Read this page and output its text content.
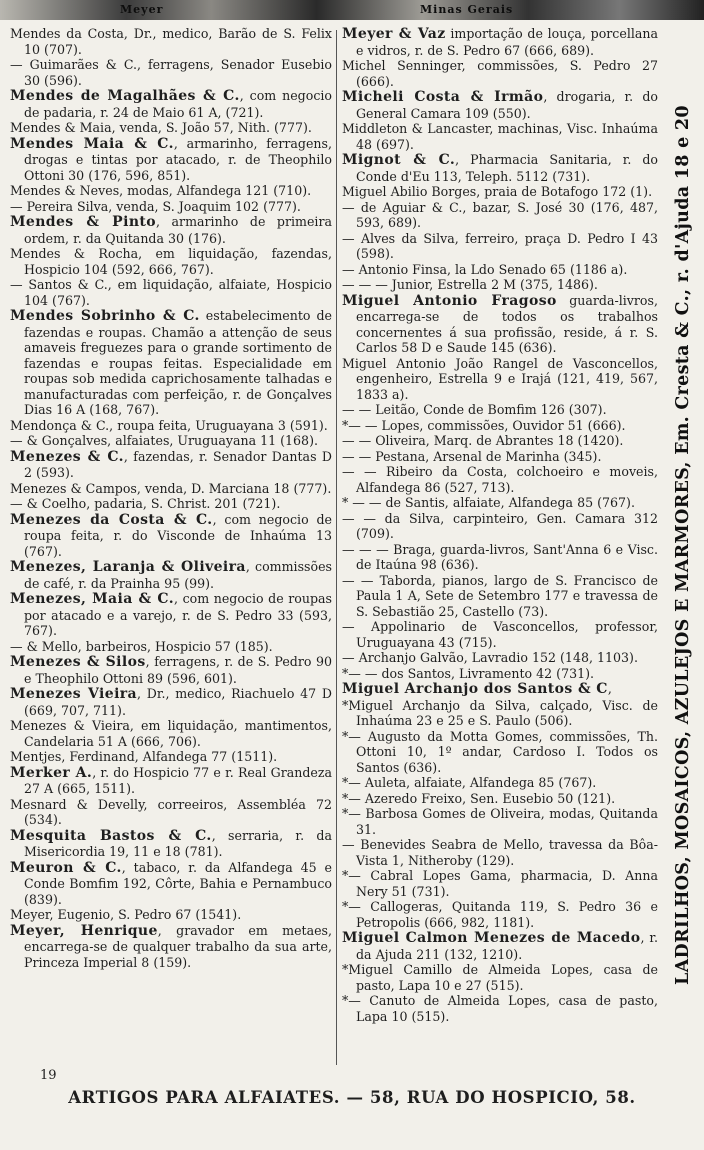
Meyer	Minas Gerais

Mendes da Costa, Dr., medico, Barão de S. Felix 10 (707).

— Guimarães & C., ferragens, Senador Eusebio 30 (596).

Mendes de Magalhães & C., com negocio de padaria, r. 24 de Maio 61 A, (721).

Mendes & Maia, venda, S. João 57, Nith. (777).

Mendes Maia & C., armarinho, ferragens, drogas e tintas por atacado, r. de Theophilo Ottoni 30 (176, 596, 851).

Mendes & Neves, modas, Alfandega 121 (710).

— Pereira Silva, venda, S. Joaquim 102 (777).

Mendes & Pinto, armarinho de primeira ordem, r. da Quitanda 30 (176).

Mendes & Rocha, em liquidação, fazendas, Hospicio 104 (592, 666, 767).

— Santos & C., em liquidação, alfaiate, Hospicio 104 (767).

Mendes Sobrinho & C. estabelecimento de fazendas e roupas. Chamão a attenção de seus amaveis freguezes para o grande sortimento de fazendas e roupas feitas. Especialidade em roupas sob medida caprichosamente talhadas e manufacturadas com perfeição, r. de Gonçalves Dias 16 A (168, 767).

Mendonça & C., roupa feita, Uruguayana 3 (591).

— & Gonçalves, alfaiates, Uruguayana 11 (168).

Menezes & C., fazendas, r. Senador Dantas D 2 (593).

Menezes & Campos, venda, D. Marciana 18 (777).

— & Coelho, padaria, S. Christ. 201 (721).

Menezes da Costa & C., com negocio de roupa feita, r. do Visconde de Inhaúma 13 (767).

Menezes, Laranja & Oliveira, commissões de café, r. da Prainha 95 (99).

Menezes, Maia & C., com negocio de roupas por atacado e a varejo, r. de S. Pedro 33 (593, 767).

— & Mello, barbeiros, Hospicio 57 (185).

Menezes & Silos, ferragens, r. de S. Pedro 90 e Theophilo Ottoni 89 (596, 601).

Menezes Vieira, Dr., medico, Riachuelo 47 D (669, 707, 711).

Menezes & Vieira, em liquidação, mantimentos, Candelaria 51 A (666, 706).

Mentjes, Ferdinand, Alfandega 77 (1511).

Merker A., r. do Hospicio 77 e r. Real Grandeza 27 A (665, 1511).

Mesnard & Develly, correeiros, Assembléa 72 (534).

Mesquita Bastos & C., serraria, r. da Misericordia 19, 11 e 18 (781).

Meuron & C., tabaco, r. da Alfandega 45 e Conde Bomfim 192, Côrte, Bahia e Pernambuco (839).

Meyer, Eugenio, S. Pedro 67 (1541).

Meyer, Henrique, gravador em metaes, encarrega-se de qualquer trabalho da sua arte, Princeza Imperial 8 (159).

Meyer & Vaz importação de louça, porcellana e vidros, r. de S. Pedro 67 (666, 689).

Michel Senninger, commissões, S. Pedro 27 (666).

Micheli Costa & Irmão, drogaria, r. do General Camara 109 (550).

Middleton & Lancaster, machinas, Visc. Inhaúma 48 (697).

Mignot & C., Pharmacia Sanitaria, r. do Conde d'Eu 113, Teleph. 5112 (731).

Miguel Abilio Borges, praia de Botafogo 172 (1).

— de Aguiar & C., bazar, S. José 30 (176, 487, 593, 689).

— Alves da Silva, ferreiro, praça D. Pedro I 43 (598).

— Antonio Finsa, la Ldo Senado 65 (1186 a).

— — — Junior, Estrella 2 M (375, 1486).

Miguel Antonio Fragoso guarda-livros, encarrega-se de todos os trabalhos concernentes á sua profissão, reside, á r. S. Carlos 58 D e Saude 145 (636).

Miguel Antonio João Rangel de Vasconcellos, engenheiro, Estrella 9 e Irajá (121, 419, 567, 1833 a).

— — Leitão, Conde de Bomfim 126 (307).

*— — Lopes, commissões, Ouvidor 51 (666).

— — Oliveira, Marq. de Abrantes 18 (1420).

— — Pestana, Arsenal de Marinha (345).

— — Ribeiro da Costa, colchoeiro e moveis, Alfandega 86 (527, 713).

* — — de Santis, alfaiate, Alfandega 85 (767).

— — da Silva, carpinteiro, Gen. Camara 312 (709).

— — — Braga, guarda-livros, Sant'Anna 6 e Visc. de Itaúna 98 (636).

— — Taborda, pianos, largo de S. Francisco de Paula 1 A, Sete de Setembro 177 e travessa de S. Sebastião 25, Castello (73).

— Appolinario de Vasconcellos, professor, Uruguayana 43 (715).

— Archanjo Galvão, Lavradio 152 (148, 1103).

*— — dos Santos, Livramento 42 (731).

Miguel Archanjo dos Santos & C,

*Miguel Archanjo da Silva, calçado, Visc. de Inhaúma 23 e 25 e S. Paulo (506).

*— Augusto da Motta Gomes, commissões, Th. Ottoni 10, 1º andar, Cardoso I. Todos os Santos (636).

*— Auleta, alfaiate, Alfandega 85 (767).

*— Azeredo Freixo, Sen. Eusebio 50 (121).

*— Barbosa Gomes de Oliveira, modas, Quitanda 31.

— Benevides Seabra de Mello, travessa da Bôa-Vista 1, Nitheroby (129).

*— Cabral Lopes Gama, pharmacia, D. Anna Nery 51 (731).

*— Callogeras, Quitanda 119, S. Pedro 36 e Petropolis (666, 982, 1181).

Miguel Calmon Menezes de Macedo, r. da Ajuda 211 (132, 1210).

*Miguel Camillo de Almeida Lopes, casa de pasto, Lapa 10 e 27 (515).

*— Canuto de Almeida Lopes, casa de pasto, Lapa 10 (515).

LADRILHOS, MOSAICOS, AZULEJOS E MARMORES, Em. Cresta & C., r. d'Ajuda 18 e 20
19
ARTIGOS PARA ALFAIATES. — 58, RUA DO HOSPICIO, 58.
